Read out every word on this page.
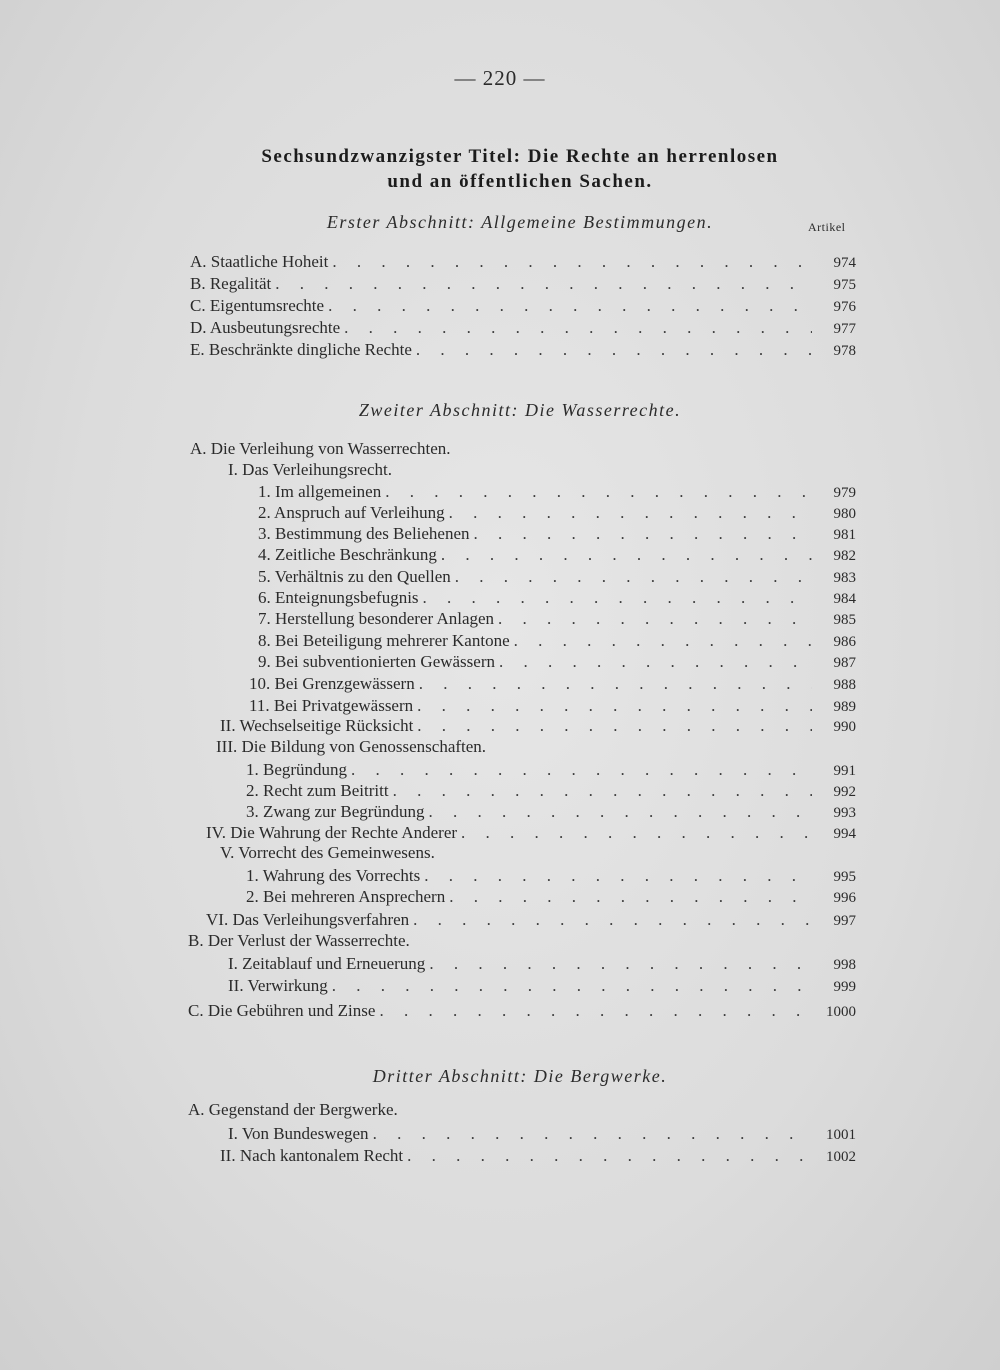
— 220 —
Sechsundzwanzigster Titel: Die Rechte an herrenlosen
und an öffentlichen Sachen.
Erster Abschnitt: Allgemeine Bestimmungen.	Artikel
A. Staatliche Hoheit . . .	974
B. Regalität . . .	975
C. Eigentumsrechte . . .	976
D. Ausbeutungsrechte . . .	977
E. Beschränkte dingliche Rechte . . .	978
Zweiter Abschnitt: Die Wasserrechte.
A. Die Verleihung von Wasserrechten.
I. Das Verleihungsrecht.
1. Im allgemeinen . . .	979
2. Anspruch auf Verleihung . . .	980
3. Bestimmung des Beliehenen . . .	981
4. Zeitliche Beschränkung . . .	982
5. Verhältnis zu den Quellen . . .	983
6. Enteignungsbefugnis . . .	984
7. Herstellung besonderer Anlagen . . .	985
8. Bei Beteiligung mehrerer Kantone . . .	986
9. Bei subventionierten Gewässern . . .	987
10. Bei Grenzgewässern . . .	988
11. Bei Privatgewässern . . .	989
II. Wechselseitige Rücksicht . . .	990
III. Die Bildung von Genossenschaften.
1. Begründung . . .	991
2. Recht zum Beitritt . . .	992
3. Zwang zur Begründung . . .	993
IV. Die Wahrung der Rechte Anderer . . .	994
V. Vorrecht des Gemeinwesens.
1. Wahrung des Vorrechts . . .	995
2. Bei mehreren Ansprechern . . .	996
VI. Das Verleihungsverfahren . . .	997
B. Der Verlust der Wasserrechte.
I. Zeitablauf und Erneuerung . . .	998
II. Verwirkung . . .	999
C. Die Gebühren und Zinse . . .	1000
Dritter Abschnitt: Die Bergwerke.
A. Gegenstand der Bergwerke.
I. Von Bundeswegen . . .	1001
II. Nach kantonalem Recht . . .	1002
